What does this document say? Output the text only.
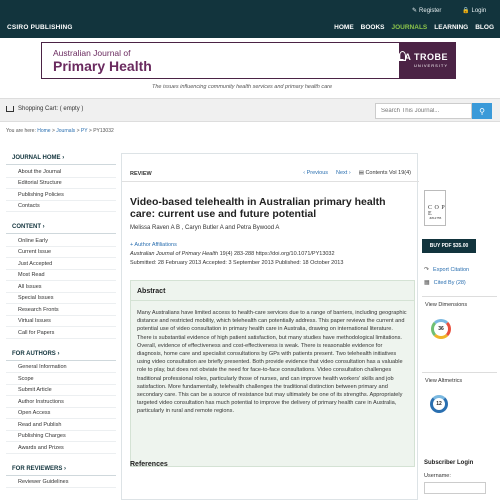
CSIRO PUBLISHING
✎ Register	🔒 Login
HOME BOOKS JOURNALS LEARNING BLOG
Australian Journal of
Primary Health
LA TROBE
UNIVERSITY
The issues influencing community health services and primary health care
Shopping Cart: ( empty )
Search This Journal...	⚲
You are here: Home > Journals > PY > PY13032
JOURNAL HOME ›
About the Journal
Editorial Structure
Publishing Policies
Contacts
CONTENT ›
Online Early
Current Issue
Just Accepted
Most Read
All Issues
Special Issues
Research Fronts
Virtual Issues
Call for Papers
FOR AUTHORS ›
General Information
Scope
Submit Article
Author Instructions
Open Access
Read and Publish
Publishing Charges
Awards and Prizes
FOR REVIEWERS ›
Reviewer Guidelines
REVIEW	‹ Previous Next › ▤ Contents Vol 19(4)
Video-based telehealth in Australian primary health care: current use and future potential
Melissa Raven A B , Caryn Butler A and Petra Bywood A
+ Author Affiliations
Australian Journal of Primary Health 19(4) 283-288 https://doi.org/10.1071/PY13032
Submitted: 28 February 2013 Accepted: 3 September 2013 Published: 18 October 2013
Abstract
Many Australians have limited access to health-care services due to a range of barriers, including geographic distance and restricted mobility, which telehealth can potentially address. This paper reviews the current and potential use of video consultation in primary health care in Australia, drawing on international literature. There is substantial evidence of high patient satisfaction, but many studies have methodological limitations. Overall, evidence of effectiveness and cost-effectiveness is weak. There is reasonable evidence for diagnosis, home care and specialist consultations by GPs with patients present. Two telehealth initiatives using video consultation are briefly presented. Both provide evidence that video consultation has a valuable role to play, but does not obviate the need for face-to-face consultations. Video consultation challenges traditional professional roles, particularly those of nurses, and can improve health workers' skills and job satisfaction. More fundamentally, telehealth challenges the traditional distinction between primary and secondary care. This can be a source of resistance but may ultimately be one of its strengths. Appropriately targeted video consultation has much potential to improve the delivery of primary health care in Australia, particularly in rural and remote regions.
References
C O P E
JM12755
BUY PDF $35.00
↷ Export Citation
▦ Cited By (28)
View Dimensions
36
View Altmetrics
12
Subscriber Login
Username:
